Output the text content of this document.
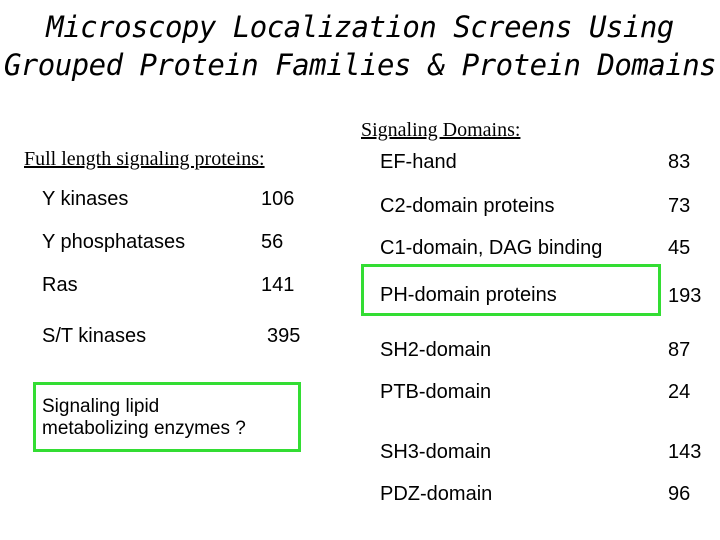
Microscopy Localization Screens Using
Grouped Protein Families & Protein Domains
Full length signaling proteins:
Y kinases	106
Y phosphatases	56
Ras	141
S/T kinases	395
Signaling lipid
metabolizing enzymes ?
Signaling Domains:
EF-hand	83
C2-domain proteins	73
C1-domain, DAG binding	45
PH-domain proteins	193
SH2-domain	87
PTB-domain	24
SH3-domain	143
PDZ-domain	96
